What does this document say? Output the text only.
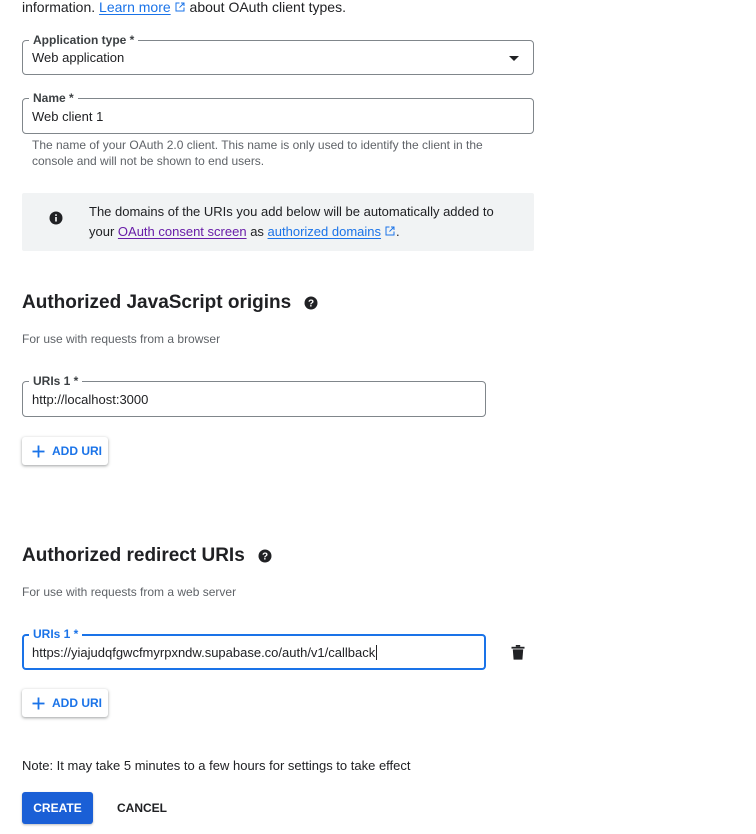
information. Learn more about OAuth client types.
Application type *
Web application
Name *
Web client 1
The name of your OAuth 2.0 client. This name is only used to identify the client in the console and will not be shown to end users.
The domains of the URIs you add below will be automatically added to your OAuth consent screen as authorized domains .
Authorized JavaScript origins ?
For use with requests from a browser
URIs 1 *
http://localhost:3000
ADD URI
Authorized redirect URIs ?
For use with requests from a web server
URIs 1 *
https://yiajudqfgwcfmyrpxndw.supabase.co/auth/v1/callback
ADD URI
Note: It may take 5 minutes to a few hours for settings to take effect
CREATE	CANCEL
